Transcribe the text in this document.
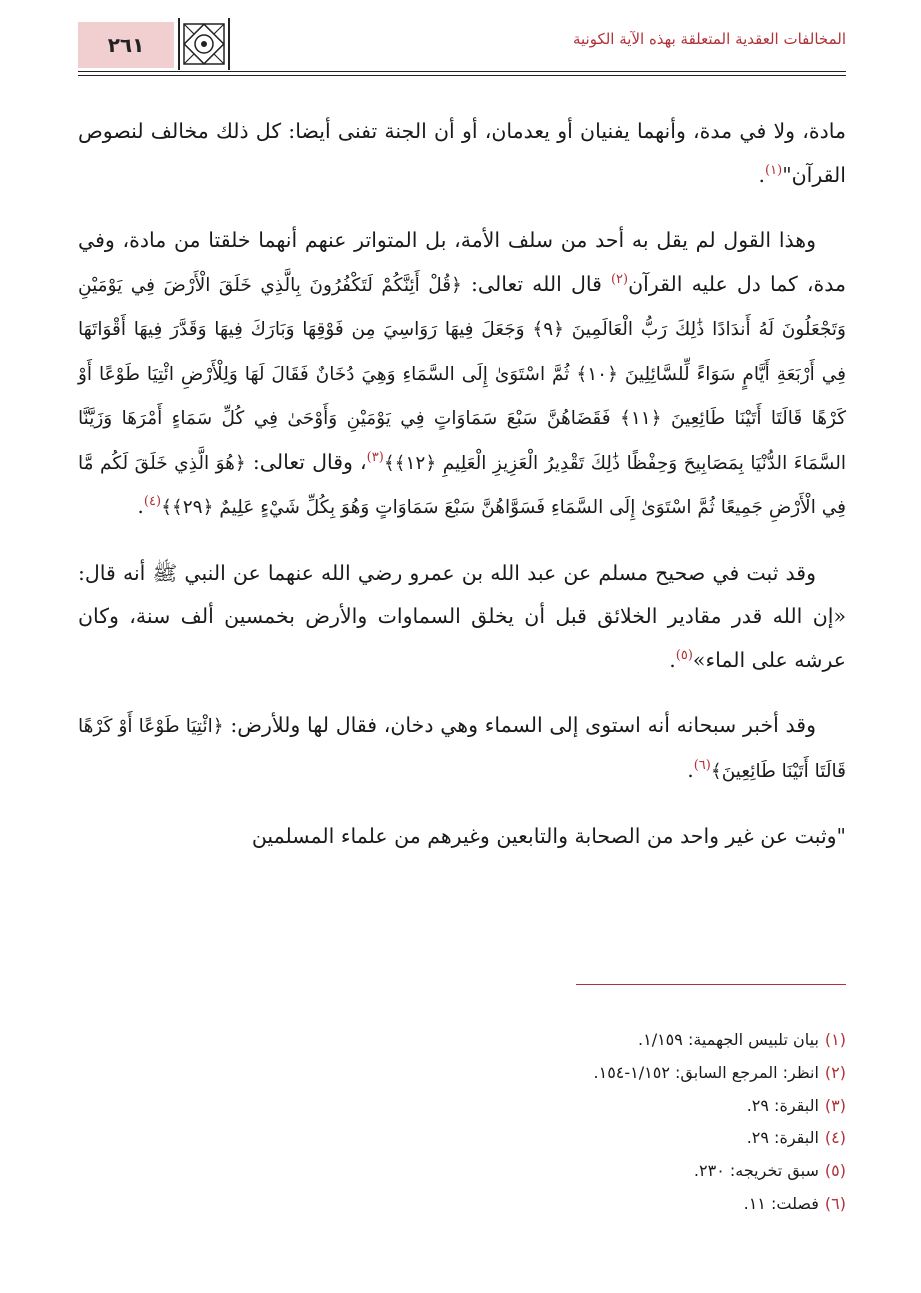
٢٦١	المخالفات العقدية المتعلقة بهذه الآية الكونية

مادة، ولا في مدة، وأنهما يفنيان أو يعدمان، أو أن الجنة تفنى أيضا: كل ذلك مخالف لنصوص القرآن"$^{(١)}$.

وهذا القول لم يقل به أحد من سلف الأمة، بل المتواتر عنهم أنهما خلقتا من مادة، وفي مدة، كما دل عليه القرآن$^{(٢)}$ قال الله تعالى: ﴿قُلْ أَئِنَّكُمْ لَتَكْفُرُونَ بِالَّذِي خَلَقَ الْأَرْضَ فِي يَوْمَيْنِ وَتَجْعَلُونَ لَهُ أَندَادًا ذَٰلِكَ رَبُّ الْعَالَمِينَ ﴿٩﴾ وَجَعَلَ فِيهَا رَوَاسِيَ مِن فَوْقِهَا وَبَارَكَ فِيهَا وَقَدَّرَ فِيهَا أَقْوَاتَهَا فِي أَرْبَعَةِ أَيَّامٍ سَوَاءً لِّلسَّائِلِينَ ﴿١٠﴾ ثُمَّ اسْتَوَىٰ إِلَى السَّمَاءِ وَهِيَ دُخَانٌ فَقَالَ لَهَا وَلِلْأَرْضِ ائْتِيَا طَوْعًا أَوْ كَرْهًا قَالَتَا أَتَيْنَا طَائِعِينَ ﴿١١﴾ فَقَضَاهُنَّ سَبْعَ سَمَاوَاتٍ فِي يَوْمَيْنِ وَأَوْحَىٰ فِي كُلِّ سَمَاءٍ أَمْرَهَا وَزَيَّنَّا السَّمَاءَ الدُّنْيَا بِمَصَابِيحَ وَحِفْظًا ذَٰلِكَ تَقْدِيرُ الْعَزِيزِ الْعَلِيمِ ﴿١٢﴾﴾$^{(٣)}$، وقال تعالى: ﴿هُوَ الَّذِي خَلَقَ لَكُم مَّا فِي الْأَرْضِ جَمِيعًا ثُمَّ اسْتَوَىٰ إِلَى السَّمَاءِ فَسَوَّاهُنَّ سَبْعَ سَمَاوَاتٍ وَهُوَ بِكُلِّ شَيْءٍ عَلِيمٌ ﴿٢٩﴾﴾$^{(٤)}$.

وقد ثبت في صحيح مسلم عن عبد الله بن عمرو رضي الله عنهما عن النبي ﷺ أنه قال: «إن الله قدر مقادير الخلائق قبل أن يخلق السماوات والأرض بخمسين ألف سنة، وكان عرشه على الماء»$^{(٥)}$.

وقد أخبر سبحانه أنه استوى إلى السماء وهي دخان، فقال لها وللأرض: ﴿ائْتِيَا طَوْعًا أَوْ كَرْهًا قَالَتَا أَتَيْنَا طَائِعِينَ﴾$^{(٦)}$.

"وثبت عن غير واحد من الصحابة والتابعين وغيرهم من علماء المسلمين

(١)بيان تلبيس الجهمية: ١/١٥٩.
(٢)انظر: المرجع السابق: ١/١٥٢-١٥٤.
(٣)البقرة: ٢٩.
(٤)البقرة: ٢٩.
(٥)سبق تخريجه: ٢٣٠.
(٦)فصلت: ١١.
